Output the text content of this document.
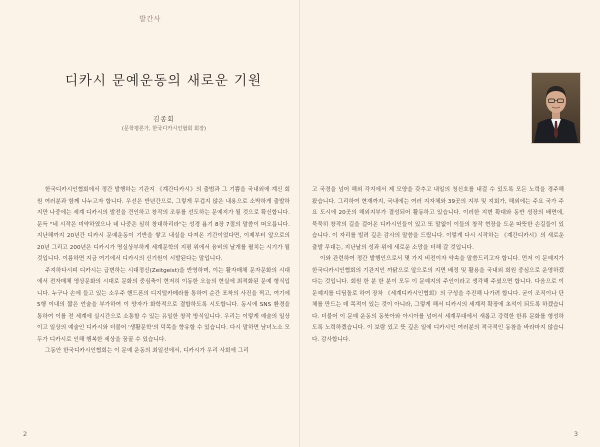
발간사
디카시 문예운동의 새로운 기원
김종회
(문학평론가, 한국디카시인협회 회장)

한국디카시인협회에서 정간 발행하는 기관지 《계간디카시》의 출범과 그 기쁨을 국내외에 계신 회원 여러분과 함께 나누고자 합니다. 우선은 반년간으로, 그렇게 무겁지 않은 내용으로 소박하게 출발하지만 나중에는 세계 디카시의 발전을 견인하고 창작의 조류를 선도하는 문예지가 될 것으로 확신합니다. 문득 "네 시작은 미약하였으나 네 나중은 심히 창대하리라"는 성경 욥기 8장 7절의 말씀이 떠오릅니다. 지난해까지 20년간 디카시 문예운동이 기반을 쌓고 내실을 다져온 기간이었다면, 이제부터 앞으로의 20년 그리고 200년은 디카시가 명실상부하게 세계문학의 지평 위에서 융비의 날개를 펼치는 시기가 될 것입니다. 이름하면 지금 여기에서 디카시의 신기원이 시발된다는 말입니다.

주지하다시피 디카시는 급변하는 시대정신(Zeitgeist)을 반영하며, 이는 활자매체 문자문화의 시대에서 전자매체 영상문화의 시대로 문화의 중심축이 현저히 이동한 오늘의 현실에 최적화된 문예 형식입니다. 누구나 손에 들고 있는 소우주 핸드폰의 디지털카메라를 통하여 순간 포착의 사진을 찍고, 여기에 5행 이내의 짧은 언술을 부가하여 이 양자가 화학적으로 결합하도록 시도합니다. 동시에 SNS 환경을 통하여 이를 전 세계에 실시간으로 소통할 수 있는 유일한 창작 방식입니다. 우리는 이렇게 예술의 일상이고 일상의 예술인 디카시와 더불어 '생활문학'의 덕목을 향유할 수 있습니다. 다시 말하면 남녀노소 모두가 디카시로 인해 행복한 세상을 꿈꿀 수 있습니다.

그동안 한국디카시인협회는 이 문예 운동의 최일선에서, 디카시가 우리 사회에 그리

2

고 국경을 넘어 해외 각지에서 제 모양을 갖추고 내일의 청신호를 내걸 수 있도록 모든 노력을 경주해 왔습니다. 그리하여 현재까지, 국내에는 여러 지자체와 39곳의 지부 및 지회가, 해외에는 주요 국가 주요 도시에 20곳의 해외지부가 결성되어 활동하고 있습니다. 이러한 지변 확대와 동반 성장의 배면에, 묵묵히 창작의 길을 걸어온 디카시인들이 있고 또 말없이 이들의 창작 현장을 도운 따뜻한 손길들이 있습니다. 이 자리를 빌려 깊은 감사의 말씀을 드립니다. 이렇게 다시 시작하는 《계간디카시》의 새로운 출발 무대는, 지난날의 성과 위에 새로운 소망을 더해 갈 것입니다.

이와 관련하여 정간 발행인으로서 몇 가지 비전이자 약속을 말씀드리고자 합니다. 먼저 이 문예지가 한국디카시인협회의 기관지인 까닭으로 앞으로의 지면 배정 및 활용을 국내외 회원 중심으로 운영하겠다는 것입니다. 회원 한 분 한 분이 모두 이 문예지의 주인이라고 생각해 주셨으면 합니다. 다음으로 이 문예지를 디딤돌로 하여 장차 《세계디카시인협회》의 구성을 추진해 나가려 합니다. 굳이 조직이나 단체를 만드는 데 목적이 있는 것이 아니라, 그렇게 해서 디카시의 세계적 확장에 초석이 되도록 하겠습니다. 더불어 이 문예 운동의 동북아와 아시아를 넘어서 세계무대에서 새롭고 강력한 한류 문화를 형성하도록 노력하겠습니다. 이 보람 있고 뜻 깊은 일에 디카시인 여러분의 적극적인 동참을 바라마지 않습니다. 감사합니다.

3
